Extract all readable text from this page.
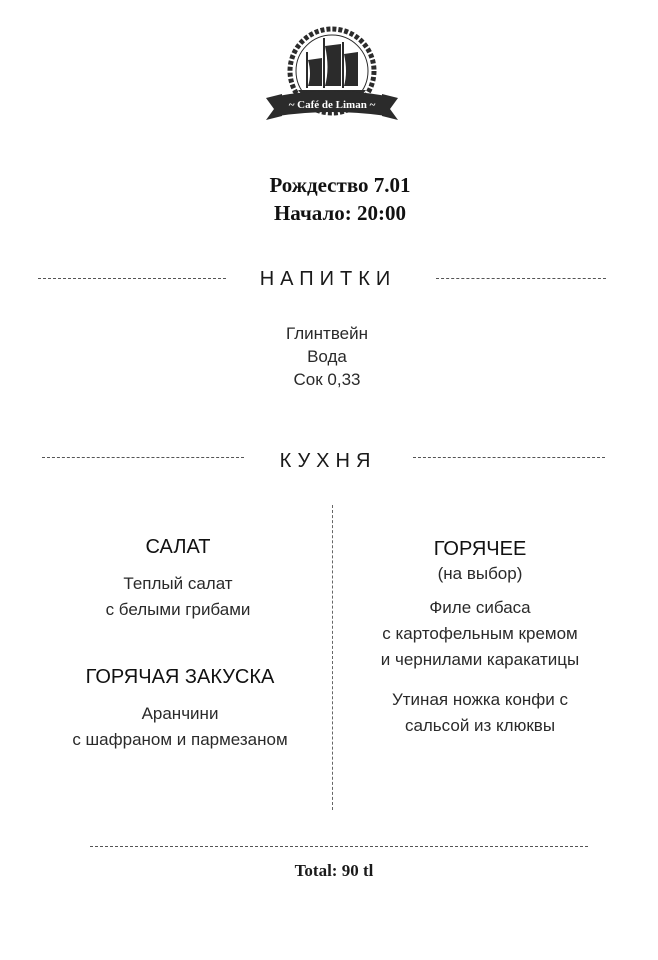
~ Café de Liman ~
Рождество 7.01
Начало: 20:00
НАПИТКИ
Глинтвейн
Вода
Сок 0,33
КУХНЯ
САЛАТ

Теплый салат

с белыми грибами

ГОРЯЧАЯ ЗАКУСКА

Аранчини

с шафраном и пармезаном

ГОРЯЧЕЕ

(на выбор)

Филе сибаса

с картофельным кремом

и чернилами каракатицы

Утиная ножка конфи с

сальсой из клюквы

Total: 90 tl
